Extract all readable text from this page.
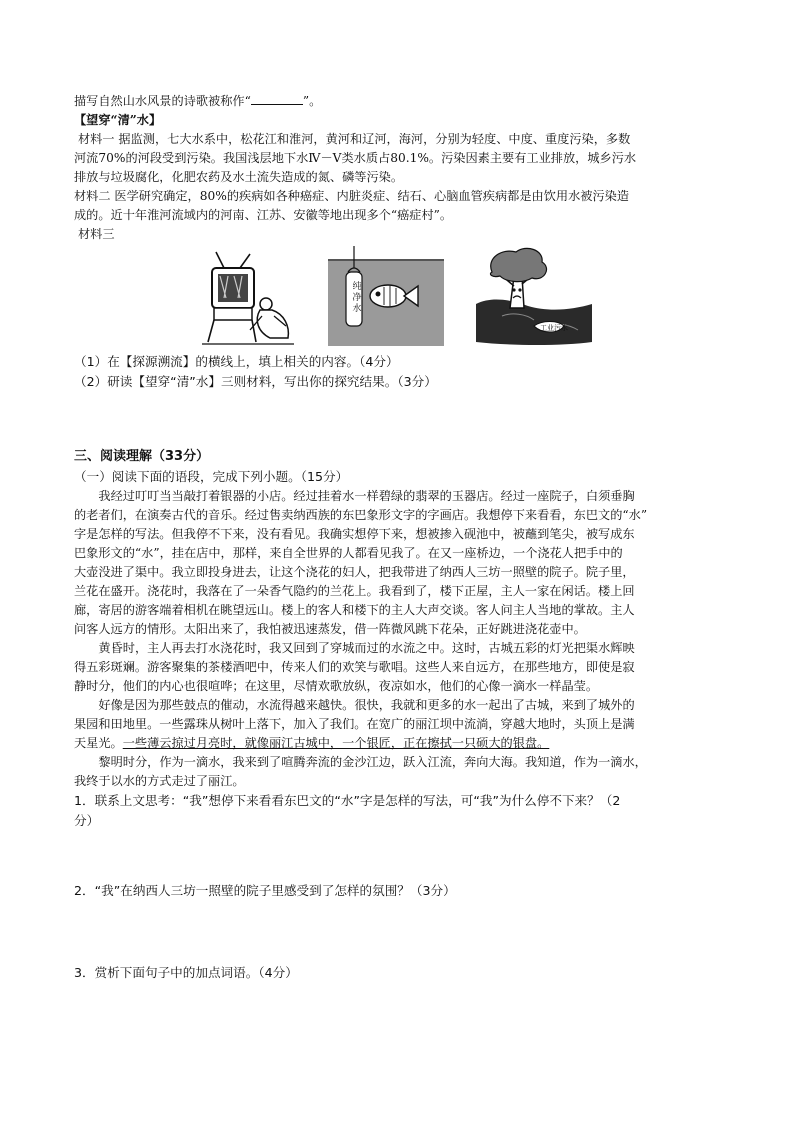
描写自然山水风景的诗歌被称作“	”。
【望穿“清”水】
材料一 据监测，七大水系中，松花江和淮河，黄河和辽河，海河，分别为轻度、中度、重度污染，多数
河流70%的河段受到污染。我国浅层地下水Ⅳ－Ⅴ类水质占80.1%。污染因素主要有工业排放，城乡污水
排放与垃圾腐化，化肥农药及水土流失造成的氮、磷等污染。
材料二 医学研究确定，80%的疾病如各种癌症、内脏炎症、结石、心脑血管疾病都是由饮用水被污染造
成的。近十年淮河流域内的河南、江苏、安徽等地出现多个“癌症村”。
材料三
纯净水
工业污水
（1）在【探源溯流】的横线上，填上相关的内容。（4分）
（2）研读【望穿“清”水】三则材料，写出你的探究结果。（3分）
三、阅读理解（33分）
（一）阅读下面的语段，完成下列小题。（15分）
我经过叮叮当当敲打着银器的小店。经过挂着水一样碧绿的翡翠的玉器店。经过一座院子，白须垂胸
的老者们，在演奏古代的音乐。经过售卖纳西族的东巴象形文字的字画店。我想停下来看看，东巴文的“水”
字是怎样的写法。但我停不下来，没有看见。我确实想停下来，想被掺入砚池中，被蘸到笔尖，被写成东
巴象形文的“水”，挂在店中，那样，来自全世界的人都看见我了。在又一座桥边，一个浇花人把手中的
大壶没进了渠中。我立即投身进去，让这个浇花的妇人，把我带进了纳西人三坊一照壁的院子。院子里，
兰花在盛开。浇花时，我落在了一朵香气隐约的兰花上。我看到了，楼下正屋，主人一家在闲话。楼上回
廊，寄居的游客端着相机在眺望远山。楼上的客人和楼下的主人大声交谈。客人问主人当地的掌故。主人
问客人远方的情形。太阳出来了，我怕被迅速蒸发，借一阵微风跳下花朵，正好跳进浇花壶中。
黄昏时，主人再去打水浇花时，我又回到了穿城而过的水流之中。这时，古城五彩的灯光把渠水辉映
得五彩斑斓。游客聚集的茶楼酒吧中，传来人们的欢笑与歌唱。这些人来自远方，在那些地方，即使是寂
静时分，他们的内心也很喧哗；在这里，尽情欢歌放纵，夜凉如水，他们的心像一滴水一样晶莹。
好像是因为那些鼓点的催动，水流得越来越快。很快，我就和更多的水一起出了古城，来到了城外的
果园和田地里。一些露珠从树叶上落下，加入了我们。在宽广的丽江坝中流淌，穿越大地时，头顶上是满
天星光。一些薄云掠过月亮时，就像丽江古城中，一个银匠，正在擦拭一只硕大的银盘。
黎明时分，作为一滴水，我来到了喧腾奔流的金沙江边，跃入江流，奔向大海。我知道，作为一滴水，
我终于以水的方式走过了丽江。
1．联系上文思考：“我”想停下来看看东巴文的“水”字是怎样的写法，可“我”为什么停不下来？（2
分）
2．“我”在纳西人三坊一照壁的院子里感受到了怎样的氛围？（3分）
3．赏析下面句子中的加点词语。（4分）
